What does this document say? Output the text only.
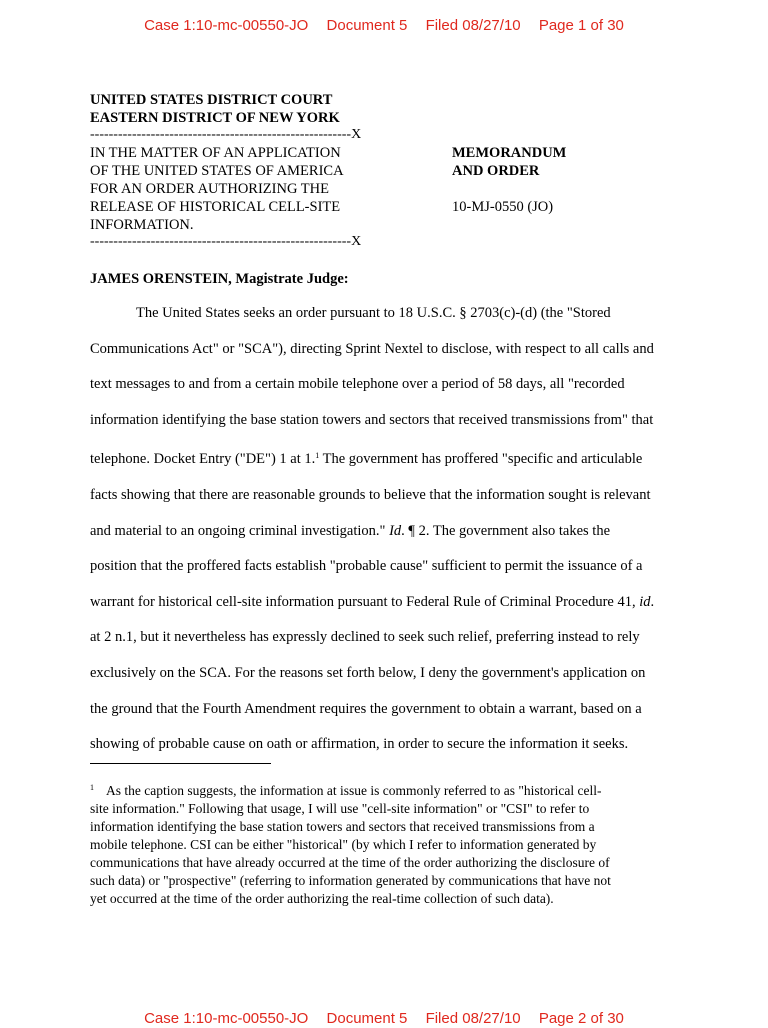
Case 1:10-mc-00550-JO Document 5 Filed 08/27/10 Page 1 of 30
UNITED STATES DISTRICT COURT
EASTERN DISTRICT OF NEW YORK
--------------------------------------------------------X
IN THE MATTER OF AN APPLICATION
OF THE UNITED STATES OF AMERICA
FOR AN ORDER AUTHORIZING THE
RELEASE OF HISTORICAL CELL-SITE
INFORMATION.
MEMORANDUM
AND ORDER
10-MJ-0550 (JO)
--------------------------------------------------------X
JAMES ORENSTEIN, Magistrate Judge:
The United States seeks an order pursuant to 18 U.S.C. § 2703(c)-(d) (the "Stored
Communications Act" or "SCA"), directing Sprint Nextel to disclose, with respect to all calls and
text messages to and from a certain mobile telephone over a period of 58 days, all "recorded
information identifying the base station towers and sectors that received transmissions from" that
telephone. Docket Entry ("DE") 1 at 1.$^1$ The government has proffered "specific and articulable
facts showing that there are reasonable grounds to believe that the information sought is relevant
and material to an ongoing criminal investigation." Id. ¶ 2. The government also takes the
position that the proffered facts establish "probable cause" sufficient to permit the issuance of a
warrant for historical cell-site information pursuant to Federal Rule of Criminal Procedure 41, id.
at 2 n.1, but it nevertheless has expressly declined to seek such relief, preferring instead to rely
exclusively on the SCA. For the reasons set forth below, I deny the government's application on
the ground that the Fourth Amendment requires the government to obtain a warrant, based on a
showing of probable cause on oath or affirmation, in order to secure the information it seeks.
$^1$ As the caption suggests, the information at issue is commonly referred to as "historical cell-
site information." Following that usage, I will use "cell-site information" or "CSI" to refer to
information identifying the base station towers and sectors that received transmissions from a
mobile telephone. CSI can be either "historical" (by which I refer to information generated by
communications that have already occurred at the time of the order authorizing the disclosure of
such data) or "prospective" (referring to information generated by communications that have not
yet occurred at the time of the order authorizing the real-time collection of such data).
Case 1:10-mc-00550-JO Document 5 Filed 08/27/10 Page 2 of 30
